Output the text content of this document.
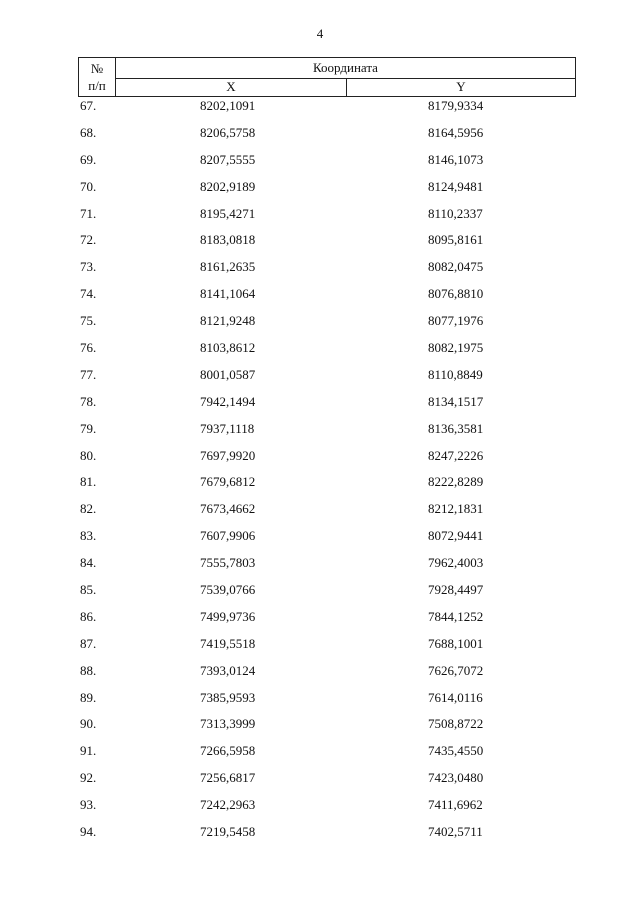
4
№
п/п
Координата
X	Y
67.	8202,1091	8179,9334
68.	8206,5758	8164,5956
69.	8207,5555	8146,1073
70.	8202,9189	8124,9481
71.	8195,4271	8110,2337
72.	8183,0818	8095,8161
73.	8161,2635	8082,0475
74.	8141,1064	8076,8810
75.	8121,9248	8077,1976
76.	8103,8612	8082,1975
77.	8001,0587	8110,8849
78.	7942,1494	8134,1517
79.	7937,1118	8136,3581
80.	7697,9920	8247,2226
81.	7679,6812	8222,8289
82.	7673,4662	8212,1831
83.	7607,9906	8072,9441
84.	7555,7803	7962,4003
85.	7539,0766	7928,4497
86.	7499,9736	7844,1252
87.	7419,5518	7688,1001
88.	7393,0124	7626,7072
89.	7385,9593	7614,0116
90.	7313,3999	7508,8722
91.	7266,5958	7435,4550
92.	7256,6817	7423,0480
93.	7242,2963	7411,6962
94.	7219,5458	7402,5711
